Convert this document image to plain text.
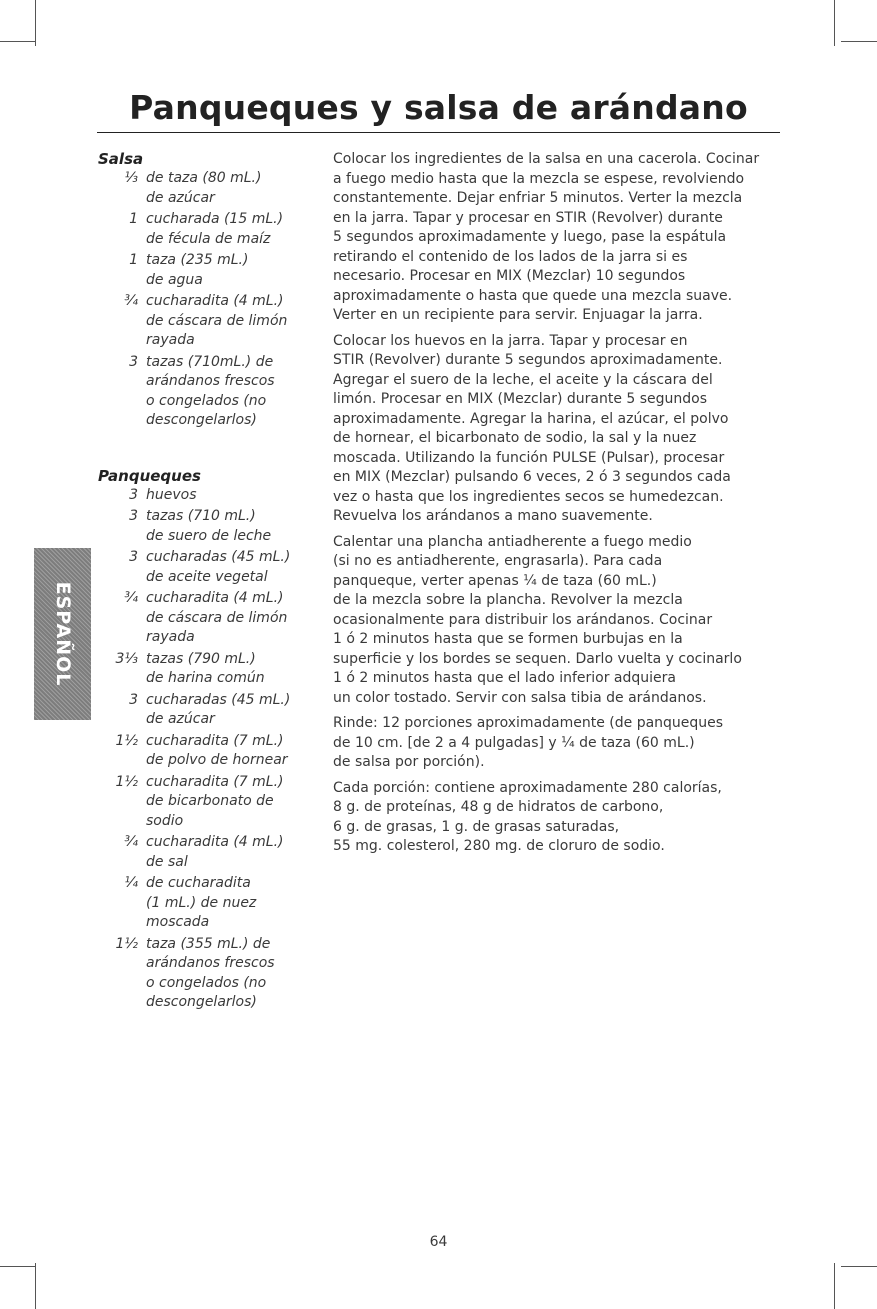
Panqueques y salsa de arándano
Salsa
⅓ de taza (80 mL.)
de azúcar
1 cucharada (15 mL.)
de fécula de maíz
1 taza (235 mL.)
de agua
¾ cucharadita (4 mL.)
de cáscara de limón
rayada
3 tazas (710mL.) de
arándanos frescos
o congelados (no
descongelarlos)
Panqueques
3 huevos
3 tazas (710 mL.)
de suero de leche
3 cucharadas (45 mL.)
de aceite vegetal
¾ cucharadita (4 mL.)
de cáscara de limón
rayada
3⅓ tazas (790 mL.)
de harina común
3 cucharadas (45 mL.)
de azúcar
1½ cucharadita (7 mL.)
de polvo de hornear
1½ cucharadita (7 mL.)
de bicarbonato de
sodio
¾ cucharadita (4 mL.)
de sal
¼ de cucharadita
(1 mL.) de nuez
moscada
1½ taza (355 mL.) de
arándanos frescos
o congelados (no
descongelarlos)

Colocar los ingredientes de la salsa en una cacerola. Cocinar
a fuego medio hasta que la mezcla se espese, revolviendo
constantemente. Dejar enfriar 5 minutos. Verter la mezcla
en la jarra. Tapar y procesar en STIR (Revolver) durante
5 segundos aproximadamente y luego, pase la espátula
retirando el contenido de los lados de la jarra si es
necesario. Procesar en MIX (Mezclar) 10 segundos
aproximadamente o hasta que quede una mezcla suave.
Verter en un recipiente para servir. Enjuagar la jarra.

Colocar los huevos en la jarra. Tapar y procesar en
STIR (Revolver) durante 5 segundos aproximadamente.
Agregar el suero de la leche, el aceite y la cáscara del
limón. Procesar en MIX (Mezclar) durante 5 segundos
aproximadamente. Agregar la harina, el azúcar, el polvo
de hornear, el bicarbonato de sodio, la sal y la nuez
moscada. Utilizando la función PULSE (Pulsar), procesar
en MIX (Mezclar) pulsando 6 veces, 2 ó 3 segundos cada
vez o hasta que los ingredientes secos se humedezcan.
Revuelva los arándanos a mano suavemente.

Calentar una plancha antiadherente a fuego medio
(si no es antiadherente, engrasarla). Para cada
panqueque, verter apenas ¼ de taza (60 mL.)
de la mezcla sobre la plancha. Revolver la mezcla
ocasionalmente para distribuir los arándanos. Cocinar
1 ó 2 minutos hasta que se formen burbujas en la
superficie y los bordes se sequen. Darlo vuelta y cocinarlo
1 ó 2 minutos hasta que el lado inferior adquiera
un color tostado. Servir con salsa tibia de arándanos.

Rinde: 12 porciones aproximadamente (de panqueques
de 10 cm. [de 2 a 4 pulgadas] y ¼ de taza (60 mL.)
de salsa por porción).

Cada porción: contiene aproximadamente 280 calorías,
8 g. de proteínas, 48 g de hidratos de carbono,
6 g. de grasas, 1 g. de grasas saturadas,
55 mg. colesterol, 280 mg. de cloruro de sodio.

ESPAÑOL
64
